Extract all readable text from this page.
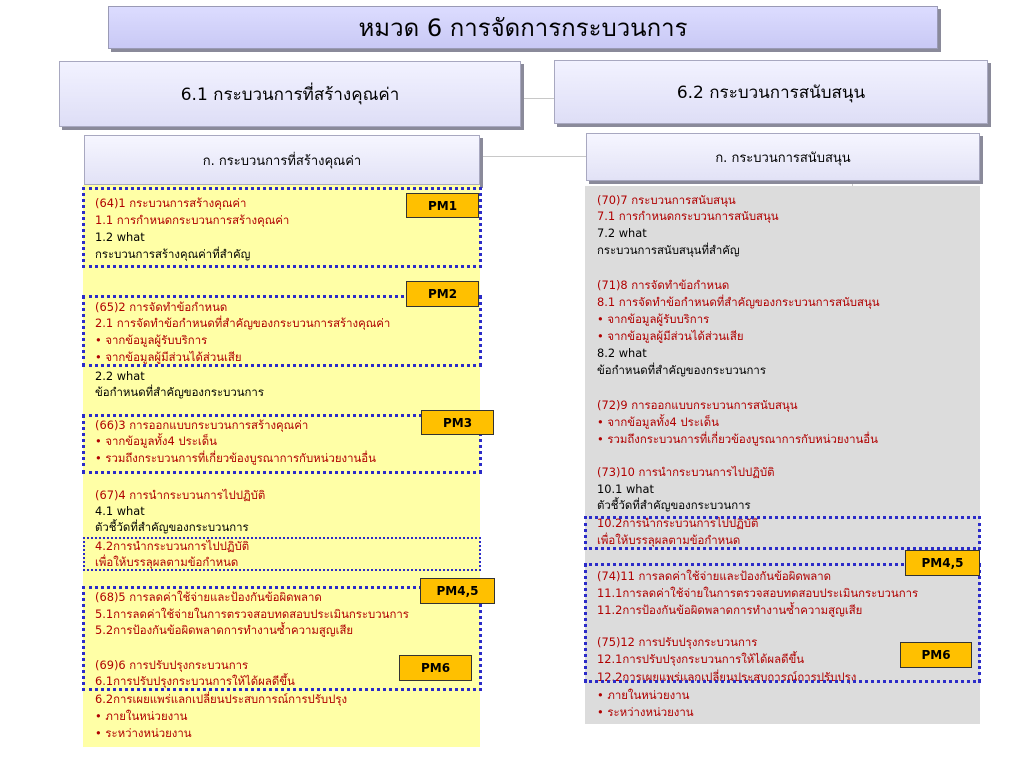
หมวด 6 การจัดการกระบวนการ
6.1 กระบวนการที่สร้างคุณค่า	6.2 กระบวนการสนับสนุน
ก. กระบวนการที่สร้างคุณค่า	ก. กระบวนการสนับสนุน
(64)1 กระบวนการสร้างคุณค่า
1.1 การกำหนดกระบวนการสร้างคุณค่า
1.2 what
กระบวนการสร้างคุณค่าที่สำคัญ
(65)2 การจัดทำข้อกำหนด
2.1 การจัดทำข้อกำหนดที่สำคัญของกระบวนการสร้างคุณค่า
• จากข้อมูลผู้รับบริการ
• จากข้อมูลผู้มีส่วนได้ส่วนเสีย
2.2 what
ข้อกำหนดที่สำคัญของกระบวนการ
(66)3 การออกแบบกระบวนการสร้างคุณค่า
• จากข้อมูลทั้ง4 ประเด็น
• รวมถึงกระบวนการที่เกี่ยวข้องบูรณาการกับหน่วยงานอื่น
(67)4 การนำกระบวนการไปปฏิบัติ
4.1 what
ตัวชี้วัดที่สำคัญของกระบวนการ
4.2การนำกระบวนการไปปฏิบัติ
เพื่อให้บรรลุผลตามข้อกำหนด
(68)5 การลดค่าใช้จ่ายและป้องกันข้อผิดพลาด
5.1การลดค่าใช้จ่ายในการตรวจสอบทดสอบประเมินกระบวนการ
5.2การป้องกันข้อผิดพลาดการทำงานซ้ำความสูญเสีย
(69)6 การปรับปรุงกระบวนการ
6.1การปรับปรุงกระบวนการให้ได้ผลดีขึ้น
6.2การเผยแพร่แลกเปลี่ยนประสบการณ์การปรับปรุง
• ภายในหน่วยงาน
• ระหว่างหน่วยงาน
(70)7 กระบวนการสนับสนุน
7.1 การกำหนดกระบวนการสนับสนุน
7.2 what
กระบวนการสนับสนุนที่สำคัญ
(71)8 การจัดทำข้อกำหนด
8.1 การจัดทำข้อกำหนดที่สำคัญของกระบวนการสนับสนุน
• จากข้อมูลผู้รับบริการ
• จากข้อมูลผู้มีส่วนได้ส่วนเสีย
8.2 what
ข้อกำหนดที่สำคัญของกระบวนการ
(72)9 การออกแบบกระบวนการสนับสนุน
• จากข้อมูลทั้ง4 ประเด็น
• รวมถึงกระบวนการที่เกี่ยวข้องบูรณาการกับหน่วยงานอื่น
(73)10 การนำกระบวนการไปปฏิบัติ
10.1 what
ตัวชี้วัดที่สำคัญของกระบวนการ
10.2การนำกระบวนการไปปฏิบัติ
เพื่อให้บรรลุผลตามข้อกำหนด
(74)11 การลดค่าใช้จ่ายและป้องกันข้อผิดพลาด
11.1การลดค่าใช้จ่ายในการตรวจสอบทดสอบประเมินกระบวนการ
11.2การป้องกันข้อผิดพลาดการทำงานซ้ำความสูญเสีย
(75)12 การปรับปรุงกระบวนการ
12.1การปรับปรุงกระบวนการให้ได้ผลดีขึ้น
12.2การเผยแพร่แลกเปลี่ยนประสบการณ์การปรับปรุง
• ภายในหน่วยงาน
• ระหว่างหน่วยงาน
PM1
PM2
PM3
PM4,5
PM6
PM4,5
PM6
